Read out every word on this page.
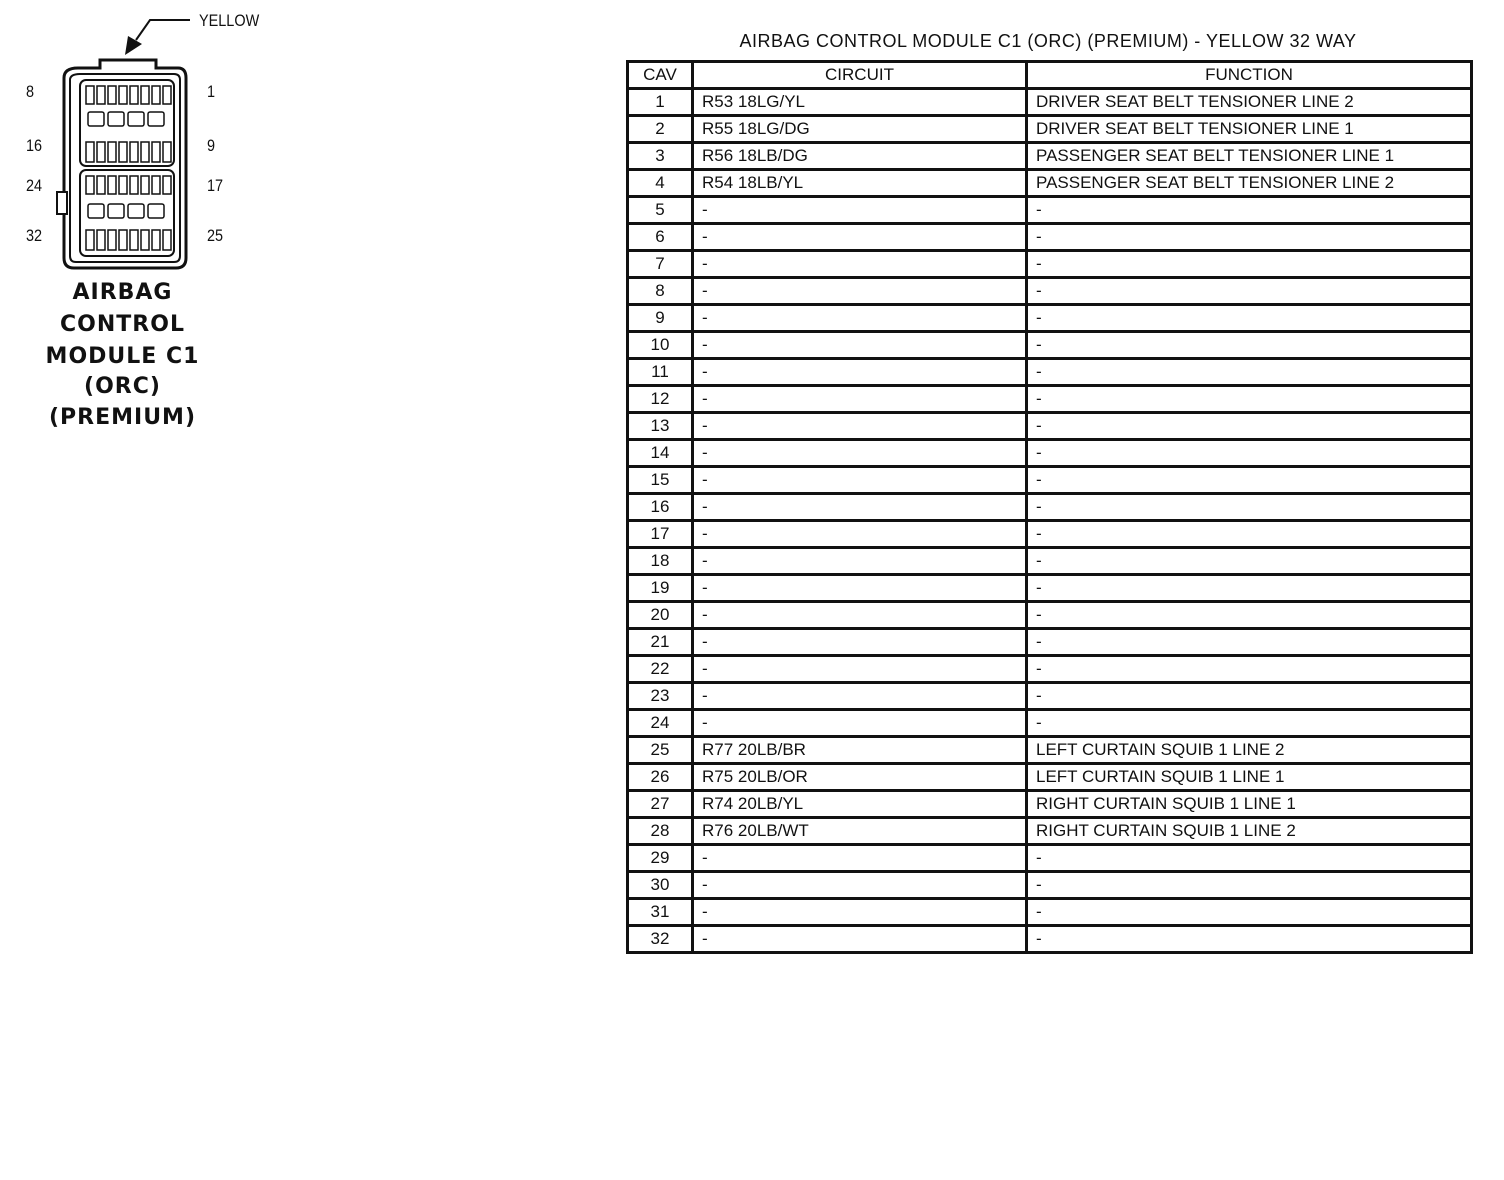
YELLOW
8	1
16	9
24	17
32	25
AIRBAG
CONTROL
MODULE C1
(ORC)
(PREMIUM)
AIRBAG CONTROL MODULE C1 (ORC) (PREMIUM) - YELLOW 32 WAY
CAV	CIRCUIT	FUNCTION
1	R53 18LG/YL	DRIVER SEAT BELT TENSIONER LINE 2
2	R55 18LG/DG	DRIVER SEAT BELT TENSIONER LINE 1
3	R56 18LB/DG	PASSENGER SEAT BELT TENSIONER LINE 1
4	R54 18LB/YL	PASSENGER SEAT BELT TENSIONER LINE 2
5	-	-
6	-	-
7	-	-
8	-	-
9	-	-
10	-	-
11	-	-
12	-	-
13	-	-
14	-	-
15	-	-
16	-	-
17	-	-
18	-	-
19	-	-
20	-	-
21	-	-
22	-	-
23	-	-
24	-	-
25	R77 20LB/BR	LEFT CURTAIN SQUIB 1 LINE 2
26	R75 20LB/OR	LEFT CURTAIN SQUIB 1 LINE 1
27	R74 20LB/YL	RIGHT CURTAIN SQUIB 1 LINE 1
28	R76 20LB/WT	RIGHT CURTAIN SQUIB 1 LINE 2
29	-	-
30	-	-
31	-	-
32	-	-
